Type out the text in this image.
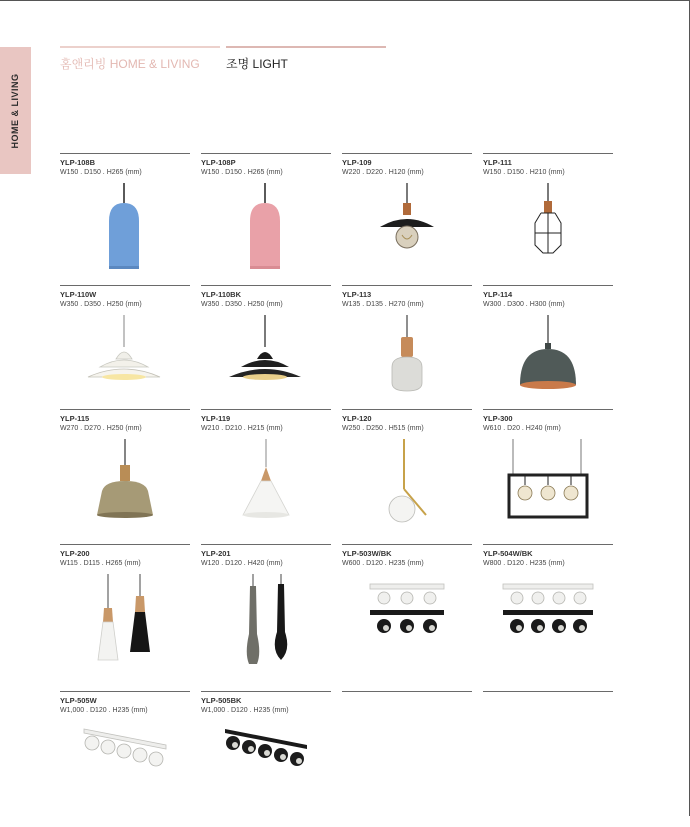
HOME & LIVING
홈앤리빙 HOME & LIVING 조명 LIGHT
YLP-108B
W150 . D150 . H265 (mm)
YLP-108P
W150 . D150 . H265 (mm)
YLP-109
W220 . D220 . H120 (mm)
YLP-111
W150 . D150 . H210 (mm)
YLP-110W
W350 . D350 . H250 (mm)
YLP-110BK
W350 . D350 . H250 (mm)
YLP-113
W135 . D135 . H270 (mm)
YLP-114
W300 . D300 . H300 (mm)
YLP-115
W270 . D270 . H250 (mm)
YLP-119
W210 . D210 . H215 (mm)
YLP-120
W250 . D250 . H515 (mm)
YLP-300
W610 . D20 . H240 (mm)
YLP-200
W115 . D115 . H265 (mm)
YLP-201
W120 . D120 . H420 (mm)
YLP-503W/BK
W600 . D120 . H235 (mm)
YLP-504W/BK
W800 . D120 . H235 (mm)
YLP-505W
W1,000 . D120 . H235 (mm)
YLP-505BK
W1,000 . D120 . H235 (mm)
